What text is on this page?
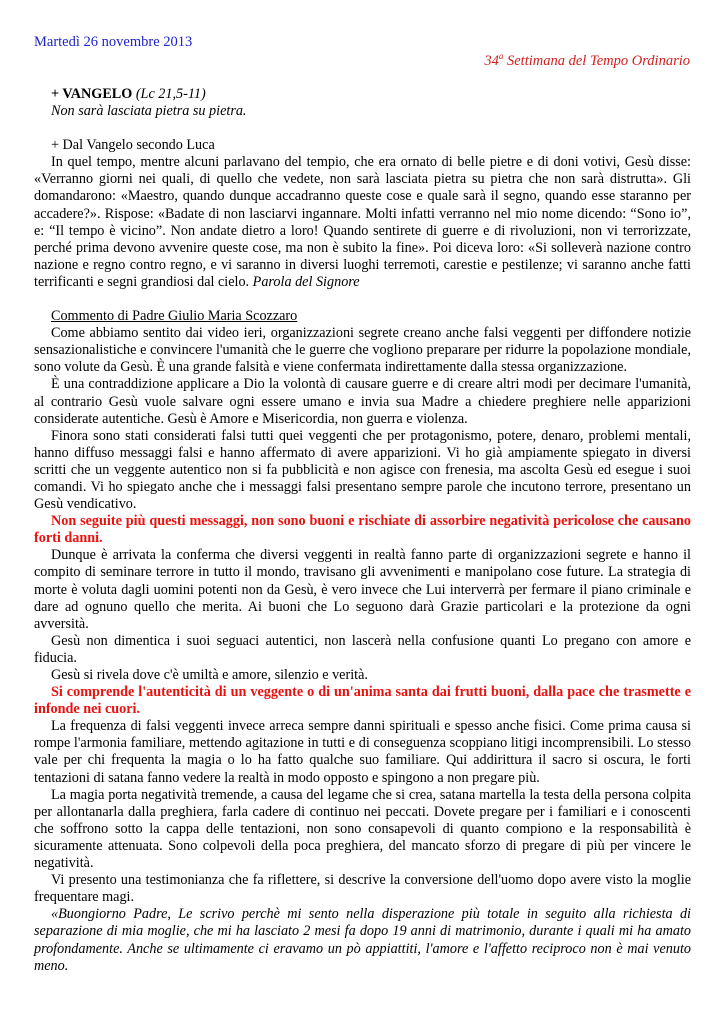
Martedì 26 novembre 2013
34$^a$ Settimana del Tempo Ordinario

+ VANGELO (Lc 21,5-11)

Non sarà lasciata pietra su pietra.

+ Dal Vangelo secondo Luca

In quel tempo, mentre alcuni parlavano del tempio, che era ornato di belle pietre e di doni votivi, Gesù disse: «Verranno giorni nei quali, di quello che vedete, non sarà lasciata pietra su pietra che non sarà distrutta». Gli domandarono: «Maestro, quando dunque accadranno queste cose e quale sarà il segno, quando esse staranno per accadere?». Rispose: «Badate di non lasciarvi ingannare. Molti infatti verranno nel mio nome dicendo: “Sono io”, e: “Il tempo è vicino”. Non andate dietro a loro! Quando sentirete di guerre e di rivoluzioni, non vi terrorizzate, perché prima devono avvenire queste cose, ma non è subito la fine». Poi diceva loro: «Si solleverà nazione contro nazione e regno contro regno, e vi saranno in diversi luoghi terremoti, carestie e pestilenze; vi saranno anche fatti terrificanti e segni grandiosi dal cielo. Parola del Signore

Commento di Padre Giulio Maria Scozzaro

Come abbiamo sentito dai video ieri, organizzazioni segrete creano anche falsi veggenti per diffondere notizie sensazionalistiche e convincere l'umanità che le guerre che vogliono preparare per ridurre la popolazione mondiale, sono volute da Gesù. È una grande falsità e viene confermata indirettamente dalla stessa organizzazione.

È una contraddizione applicare a Dio la volontà di causare guerre e di creare altri modi per decimare l'umanità, al contrario Gesù vuole salvare ogni essere umano e invia sua Madre a chiedere preghiere nelle apparizioni considerate autentiche. Gesù è Amore e Misericordia, non guerra e violenza.

Finora sono stati considerati falsi tutti quei veggenti che per protagonismo, potere, denaro, problemi mentali, hanno diffuso messaggi falsi e hanno affermato di avere apparizioni. Vi ho già ampiamente spiegato in diversi scritti che un veggente autentico non si fa pubblicità e non agisce con frenesia, ma ascolta Gesù ed esegue i suoi comandi. Vi ho spiegato anche che i messaggi falsi presentano sempre parole che incutono terrore, presentano un Gesù vendicativo.

Non seguite più questi messaggi, non sono buoni e rischiate di assorbire negatività pericolose che causano forti danni.

Dunque è arrivata la conferma che diversi veggenti in realtà fanno parte di organizzazioni segrete e hanno il compito di seminare terrore in tutto il mondo, travisano gli avvenimenti e manipolano cose future. La strategia di morte è voluta dagli uomini potenti non da Gesù, è vero invece che Lui interverrà per fermare il piano criminale e dare ad ognuno quello che merita. Ai buoni che Lo seguono darà Grazie particolari e la protezione da ogni avversità.

Gesù non dimentica i suoi seguaci autentici, non lascerà nella confusione quanti Lo pregano con amore e fiducia.

Gesù si rivela dove c'è umiltà e amore, silenzio e verità.

Si comprende l'autenticità di un veggente o di un'anima santa dai frutti buoni, dalla pace che trasmette e infonde nei cuori.

La frequenza di falsi veggenti invece arreca sempre danni spirituali e spesso anche fisici. Come prima causa si rompe l'armonia familiare, mettendo agitazione in tutti e di conseguenza scoppiano litigi incomprensibili. Lo stesso vale per chi frequenta la magia o lo ha fatto qualche suo familiare. Qui addirittura il sacro si oscura, le forti tentazioni di satana fanno vedere la realtà in modo opposto e spingono a non pregare più.

La magia porta negatività tremende, a causa del legame che si crea, satana martella la testa della persona colpita per allontanarla dalla preghiera, farla cadere di continuo nei peccati. Dovete pregare per i familiari e i conoscenti che soffrono sotto la cappa delle tentazioni, non sono consapevoli di quanto compiono e la responsabilità è sicuramente attenuata. Sono colpevoli della poca preghiera, del mancato sforzo di pregare di più per vincere le negatività.

Vi presento una testimonianza che fa riflettere, si descrive la conversione dell'uomo dopo avere visto la moglie frequentare magi.

«Buongiorno Padre, Le scrivo perchè mi sento nella disperazione più totale in seguito alla richiesta di separazione di mia moglie, che mi ha lasciato 2 mesi fa dopo 19 anni di matrimonio, durante i quali mi ha amato profondamente. Anche se ultimamente ci eravamo un pò appiattiti, l'amore e l'affetto reciproco non è mai venuto meno.
